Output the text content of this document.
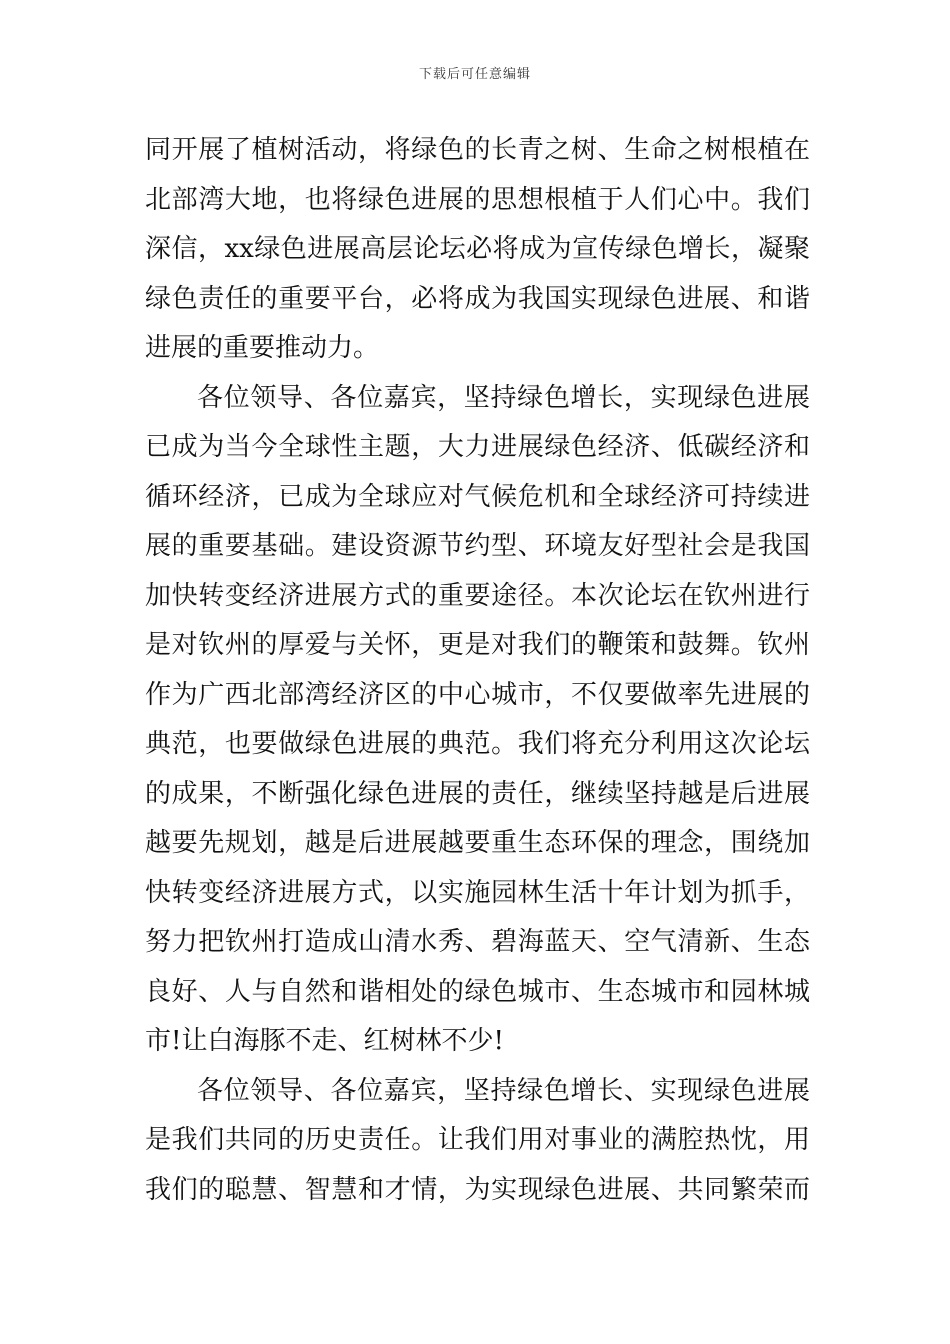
下载后可任意编辑
同开展了植树活动，将绿色的长青之树、生命之树根植在
北部湾大地，也将绿色进展的思想根植于人们心中。我们
深信，xx绿色进展高层论坛必将成为宣传绿色增长，凝聚
绿色责任的重要平台，必将成为我国实现绿色进展、和谐
进展的重要推动力。
各位领导、各位嘉宾，坚持绿色增长，实现绿色进展
已成为当今全球性主题，大力进展绿色经济、低碳经济和
循环经济，已成为全球应对气候危机和全球经济可持续进
展的重要基础。建设资源节约型、环境友好型社会是我国
加快转变经济进展方式的重要途径。本次论坛在钦州进行
是对钦州的厚爱与关怀，更是对我们的鞭策和鼓舞。钦州
作为广西北部湾经济区的中心城市，不仅要做率先进展的
典范，也要做绿色进展的典范。我们将充分利用这次论坛
的成果，不断强化绿色进展的责任，继续坚持越是后进展
越要先规划，越是后进展越要重生态环保的理念，围绕加
快转变经济进展方式，以实施园林生活十年计划为抓手，
努力把钦州打造成山清水秀、碧海蓝天、空气清新、生态
良好、人与自然和谐相处的绿色城市、生态城市和园林城
市!让白海豚不走、红树林不少!
各位领导、各位嘉宾，坚持绿色增长、实现绿色进展
是我们共同的历史责任。让我们用对事业的满腔热忱，用
我们的聪慧、智慧和才情，为实现绿色进展、共同繁荣而
